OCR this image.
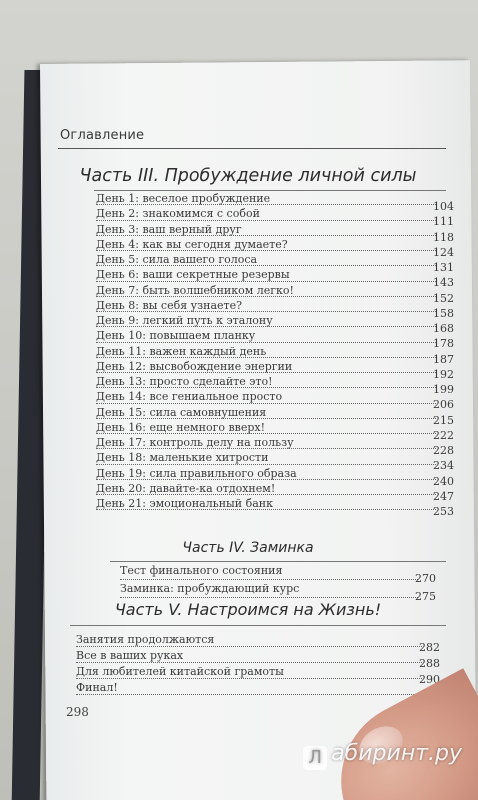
Оглавление
Часть III. Пробуждение личной силы
День 1: веселое пробуждение
104
День 2: знакомимся с собой
111
День 3: ваш верный друг
118
День 4: как вы сегодня думаете?
124
День 5: сила вашего голоса
131
День 6: ваши секретные резервы
143
День 7: быть волшебником легко!
152
День 8: вы себя узнаете?
158
День 9: легкий путь к эталону
168
День 10: повышаем планку
178
День 11: важен каждый день
187
День 12: высвобождение энергии
192
День 13: просто сделайте это!
199
День 14: все гениальное просто
206
День 15: сила самовнушения
215
День 16: еще немного вверх!
222
День 17: контроль делу на пользу
228
День 18: маленькие хитрости
234
День 19: сила правильного образа
240
День 20: давайте-ка отдохнем!
247
День 21: эмоциональный банк
253
Часть IV. Заминка
Тест финального состояния
270
Заминка: пробуждающий курс
275
Часть V. Настроимся на Жизнь!
Занятия продолжаются
282
Все в ваших руках
288
Для любителей китайской грамоты
290
Финал!
298
Л абиринт.ру
